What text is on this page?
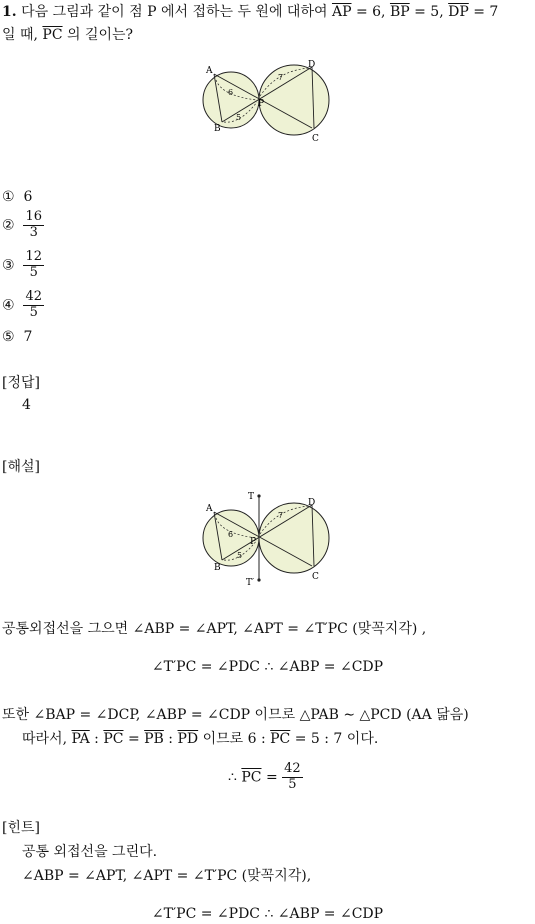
1. 다음 그림과 같이 점 P 에서 접하는 두 원에 대하여 $\overline{AP} = 6$, $\overline{BP} = 5$, $\overline{DP} = 7$
일 때, $\overline{PC}$ 의 길이는?
A
B
C
D
P
6
5
7
① 6
② $\frac{16}{3}$
③ $\frac{12}{5}$
④ $\frac{42}{5}$
⑤ 7
[정답]
4
[해설]
T
T′
A
B
C
D
P
6
5
7
공통외접선을 그으면 ∠ABP = ∠APT, ∠APT = ∠T′PC (맞꼭지각) ,
∠T′PC = ∠PDC ∴ ∠ABP = ∠CDP
또한 ∠BAP = ∠DCP, ∠ABP = ∠CDP 이므로 △PAB ∼ △PCD (AA 닮음)
따라서, $\overline{PA}$ : $\overline{PC} = \overline{PB}$ : $\overline{PD}$ 이므로 6 : $\overline{PC} = 5$ : 7 이다.
∴ $\overline{PC} = \frac{42}{5}$
[힌트]
공통 외접선을 그린다.
∠ABP = ∠APT, ∠APT = ∠T′PC (맞꼭지각),
∠T′PC = ∠PDC ∴ ∠ABP = ∠CDP
